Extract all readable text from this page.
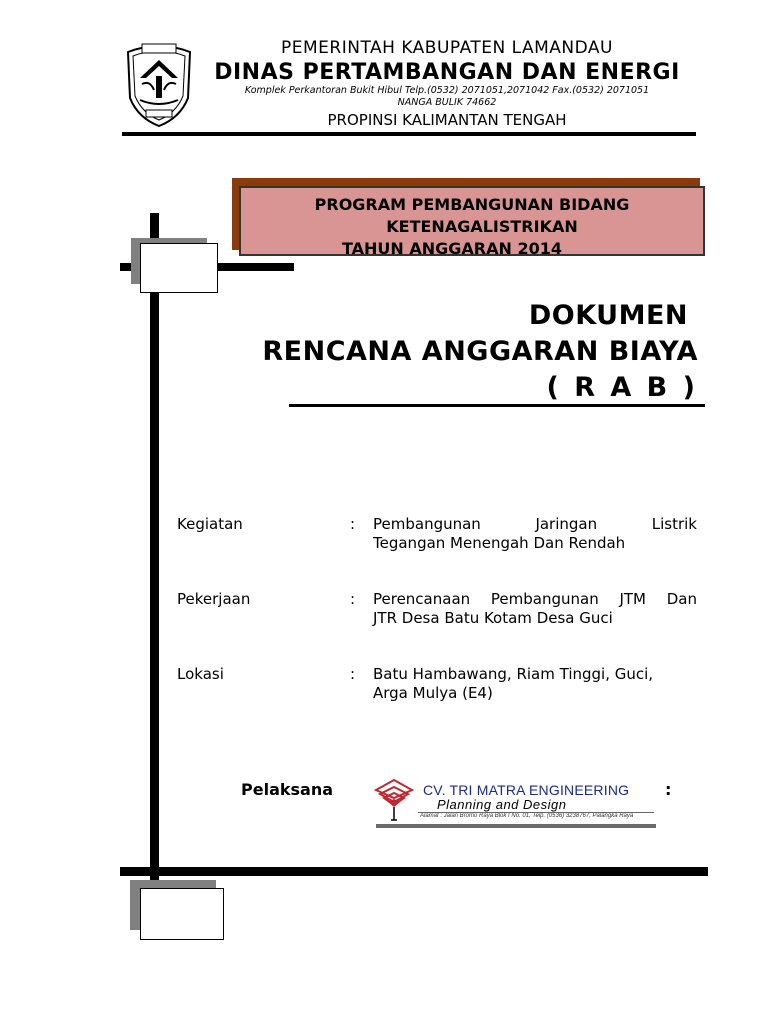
PEMERINTAH KABUPATEN LAMANDAU
DINAS PERTAMBANGAN DAN ENERGI
Komplek Perkantoran Bukit Hibul Telp.(0532) 2071051,2071042 Fax.(0532) 2071051
NANGA BULIK 74662
PROPINSI KALIMANTAN TENGAH
PROGRAM PEMBANGUNAN BIDANG
KETENAGALISTRIKAN
TAHUN ANGGARAN 2014
DOKUMEN
RENCANA ANGGARAN BIAYA
( R A B )
Kegiatan	:	Pembangunan Jaringan Listrik
Tegangan Menengah Dan Rendah
Pekerjaan	:	Perencanaan Pembangunan JTM Dan
JTR Desa Batu Kotam Desa Guci
Lokasi	:	Batu Hambawang, Riam Tinggi, Guci,
Arga Mulya (E4)
Pelaksana	CV. TRI MATRA ENGINEERING
Planning and Design
Alamat : Jalan Bromo Raya Blok I No. 01, Telp. (0536) 3238767, Palangka Raya
:
